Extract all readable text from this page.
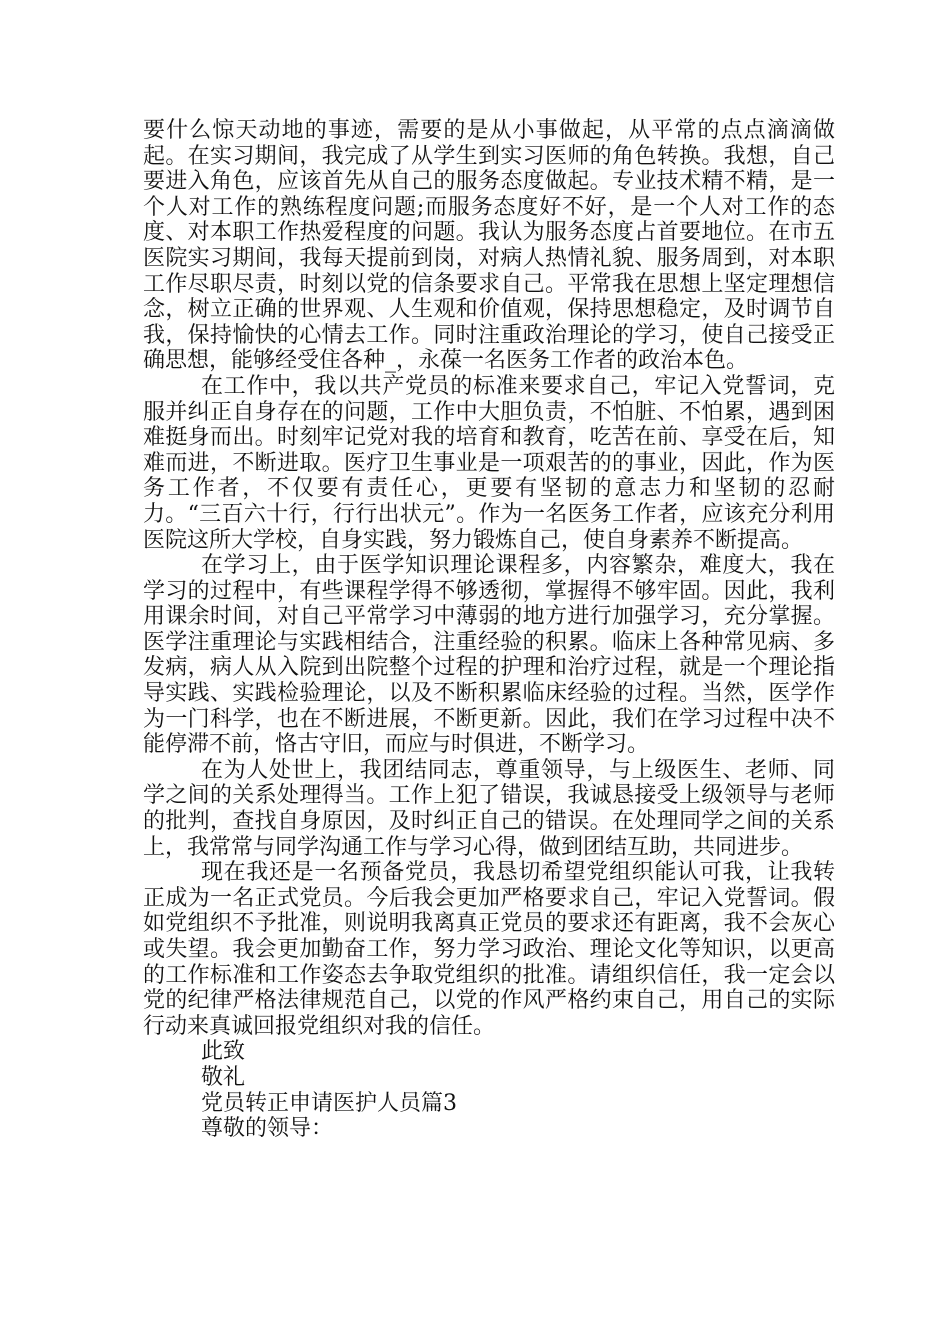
要什么惊天动地的事迹，需要的是从小事做起，从平常的点点滴滴做起。在实习期间，我完成了从学生到实习医师的角色转换。我想，自己要进入角色，应该首先从自己的服务态度做起。专业技术精不精，是一个人对工作的熟练程度问题;而服务态度好不好，是一个人对工作的态度、对本职工作热爱程度的问题。我认为服务态度占首要地位。在市五医院实习期间，我每天提前到岗，对病人热情礼貌、服务周到，对本职工作尽职尽责，时刻以党的信条要求自己。平常我在思想上坚定理想信念，树立正确的世界观、人生观和价值观，保持思想稳定，及时调节自我，保持愉快的心情去工作。同时注重政治理论的学习，使自己接受正确思想，能够经受住各种_，永葆一名医务工作者的政治本色。

在工作中，我以共产党员的标准来要求自己，牢记入党誓词，克服并纠正自身存在的问题，工作中大胆负责，不怕脏、不怕累，遇到困难挺身而出。时刻牢记党对我的培育和教育，吃苦在前、享受在后，知难而进，不断进取。医疗卫生事业是一项艰苦的的事业，因此，作为医务工作者，不仅要有责任心，更要有坚韧的意志力和坚韧的忍耐力。“三百六十行，行行出状元”。作为一名医务工作者，应该充分利用医院这所大学校，自身实践，努力锻炼自己，使自身素养不断提高。

在学习上，由于医学知识理论课程多，内容繁杂，难度大，我在学习的过程中，有些课程学得不够透彻，掌握得不够牢固。因此，我利用课余时间，对自己平常学习中薄弱的地方进行加强学习，充分掌握。医学注重理论与实践相结合，注重经验的积累。临床上各种常见病、多发病，病人从入院到出院整个过程的护理和治疗过程，就是一个理论指导实践、实践检验理论，以及不断积累临床经验的过程。当然，医学作为一门科学，也在不断进展，不断更新。因此，我们在学习过程中决不能停滞不前，恪古守旧，而应与时俱进，不断学习。

在为人处世上，我团结同志，尊重领导，与上级医生、老师、同学之间的关系处理得当。工作上犯了错误，我诚恳接受上级领导与老师的批判，查找自身原因，及时纠正自己的错误。在处理同学之间的关系上，我常常与同学沟通工作与学习心得，做到团结互助，共同进步。

现在我还是一名预备党员，我恳切希望党组织能认可我，让我转正成为一名正式党员。今后我会更加严格要求自己，牢记入党誓词。假如党组织不予批准，则说明我离真正党员的要求还有距离，我不会灰心或失望。我会更加勤奋工作，努力学习政治、理论文化等知识，以更高的工作标准和工作姿态去争取党组织的批准。请组织信任，我一定会以党的纪律严格法律规范自己，以党的作风严格约束自己，用自己的实际行动来真诚回报党组织对我的信任。

此致

敬礼

党员转正申请医护人员篇3

尊敬的领导：
